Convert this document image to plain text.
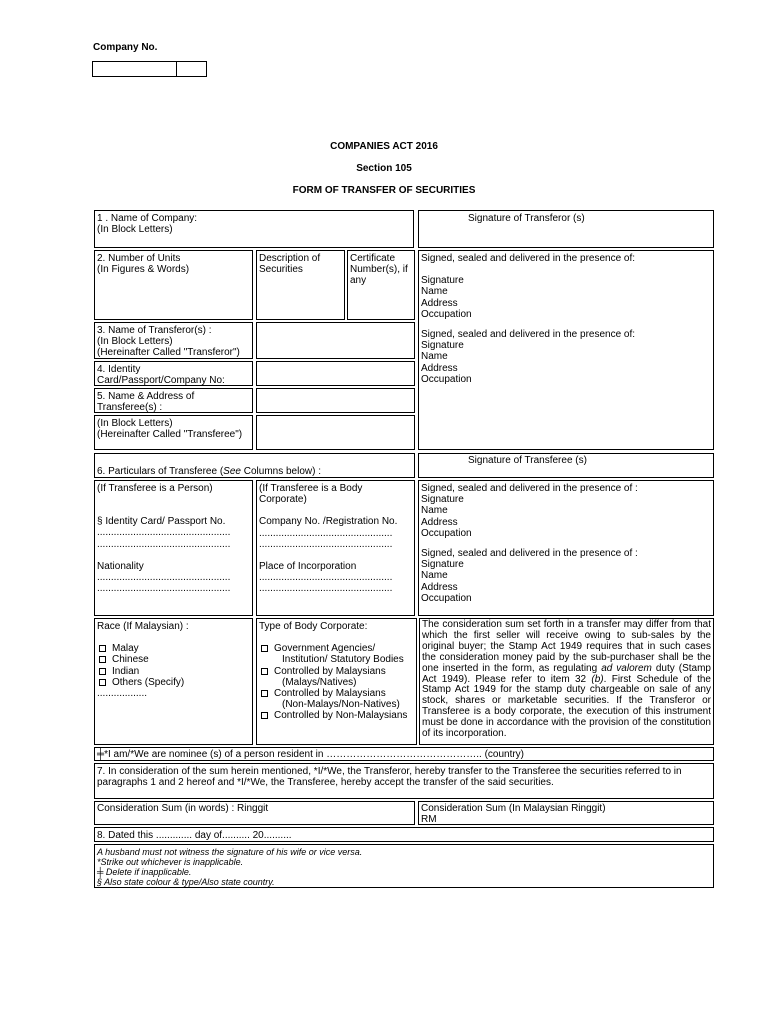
Company No.
COMPANIES ACT 2016
Section 105
FORM OF TRANSFER OF SECURITIES
1 . Name of Company:
(In Block Letters)
Signature of Transferor (s)
2. Number of Units
(In Figures & Words)
Description of
Securities
Certificate
Number(s), if
any
Signed, sealed and delivered in the presence of:
Signature
Name
Address
Occupation
Signed, sealed and delivered in the presence of:
Signature
Name
Address
Occupation
3. Name of Transferor(s) :
(In Block Letters)
(Hereinafter Called "Transferor")
4. Identity
Card/Passport/Company No:
5. Name & Address of
Transferee(s) :
(In Block Letters)
(Hereinafter Called "Transferee")
6. Particulars of Transferee (See Columns below) :
Signature of Transferee (s)
(If Transferee is a Person)
§ Identity Card/ Passport No.
................................................
................................................
Nationality
................................................
................................................
(If Transferee is a Body
Corporate)
Company No. /Registration No.
................................................
................................................
Place of Incorporation
................................................
................................................
Signed, sealed and delivered in the presence of :
Signature
Name
Address
Occupation
Signed, sealed and delivered in the presence of :
Signature
Name
Address
Occupation
Race (If Malaysian) :
Malay
Chinese
Indian
Others (Specify)
..................
Type of Body Corporate:
Government Agencies/
Institution/ Statutory Bodies
Controlled by Malaysians
(Malays/Natives)
Controlled by Malaysians
(Non-Malays/Non-Natives)
Controlled by Non-Malaysians
The consideration sum set forth in a transfer may differ from that which the first seller will receive owing to sub-sales by the original buyer; the Stamp Act 1949 requires that in such cases the consideration money paid by the sub-purchaser shall be the one inserted in the form, as regulating ad valorem duty (Stamp Act 1949). Please refer to item 32 (b). First Schedule of the Stamp Act 1949 for the stamp duty chargeable on sale of any stock, shares or marketable securities. If the Transferor or Transferee is a body corporate, the execution of this instrument must be done in accordance with the provision of the constitution of its incorporation.
╪*I am/*We are nominee (s) of a person resident in ……………………………………….. (country)
7. In consideration of the sum herein mentioned, *I/*We, the Transferor, hereby transfer to the Transferee the securities referred to in paragraphs 1 and 2 hereof and *I/*We, the Transferee, hereby accept the transfer of the said securities.
Consideration Sum (in words) : Ringgit	Consideration Sum (In Malaysian Ringgit)
RM
8. Dated this ............. day of.......... 20..........
A husband must not witness the signature of his wife or vice versa.
*Strike out whichever is inapplicable.
╪ Delete if inapplicable.
§ Also state colour & type/Also state country.
